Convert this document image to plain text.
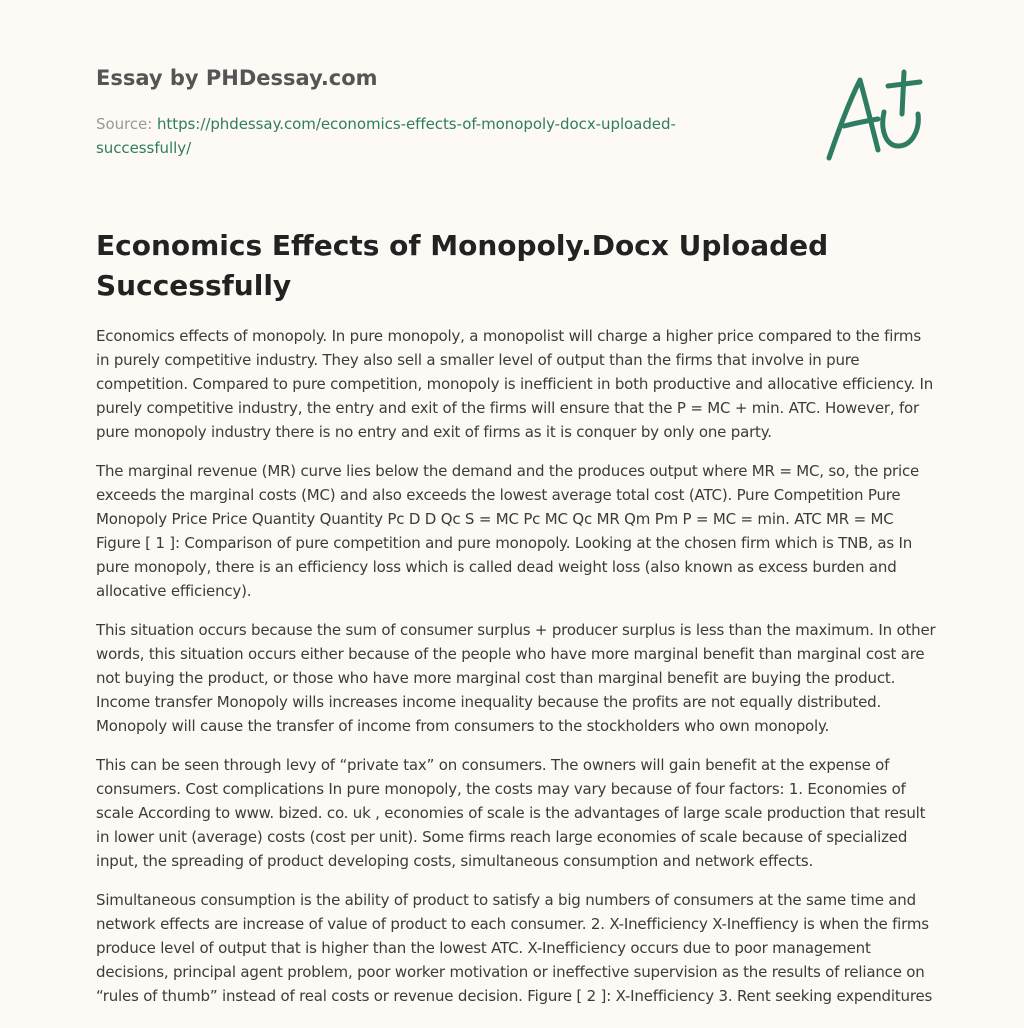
Essay by PHDessay.com
Source: https://phdessay.com/economics-effects-of-monopoly-docx-uploaded-successfully/
Economics Effects of Monopoly.Docx Uploaded Successfully

Economics effects of monopoly. In pure monopoly, a monopolist will charge a higher price compared to the firms in purely competitive industry. They also sell a smaller level of output than the firms that involve in pure competition. Compared to pure competition, monopoly is inefficient in both productive and allocative efficiency. In purely competitive industry, the entry and exit of the firms will ensure that the P = MC + min. ATC. However, for pure monopoly industry there is no entry and exit of firms as it is conquer by only one party.

The marginal revenue (MR) curve lies below the demand and the produces output where MR = MC, so, the price exceeds the marginal costs (MC) and also exceeds the lowest average total cost (ATC). Pure Competition Pure Monopoly Price Price Quantity Quantity Pc D D Qc S = MC Pc MC Qc MR Qm Pm P = MC = min. ATC MR = MC Figure [ 1 ]: Comparison of pure competition and pure monopoly. Looking at the chosen firm which is TNB, as In pure monopoly, there is an efficiency loss which is called dead weight loss (also known as excess burden and allocative efficiency).

This situation occurs because the sum of consumer surplus + producer surplus is less than the maximum. In other words, this situation occurs either because of the people who have more marginal benefit than marginal cost are not buying the product, or those who have more marginal cost than marginal benefit are buying the product. Income transfer Monopoly wills increases income inequality because the profits are not equally distributed. Monopoly will cause the transfer of income from consumers to the stockholders who own monopoly.

This can be seen through levy of “private tax” on consumers. The owners will gain benefit at the expense of consumers. Cost complications In pure monopoly, the costs may vary because of four factors: 1. Economies of scale According to www. bized. co. uk , economies of scale is the advantages of large scale production that result in lower unit (average) costs (cost per unit). Some firms reach large economies of scale because of specialized input, the spreading of product developing costs, simultaneous consumption and network effects.

Simultaneous consumption is the ability of product to satisfy a big numbers of consumers at the same time and network effects are increase of value of product to each consumer. 2. X-Inefficiency X-Ineffiency is when the firms produce level of output that is higher than the lowest ATC. X-Inefficiency occurs due to poor management decisions, principal agent problem, poor worker motivation or ineffective supervision as the results of reliance on “rules of thumb” instead of real costs or revenue decision. Figure [ 2 ]: X-Inefficiency 3. Rent seeking expenditures
